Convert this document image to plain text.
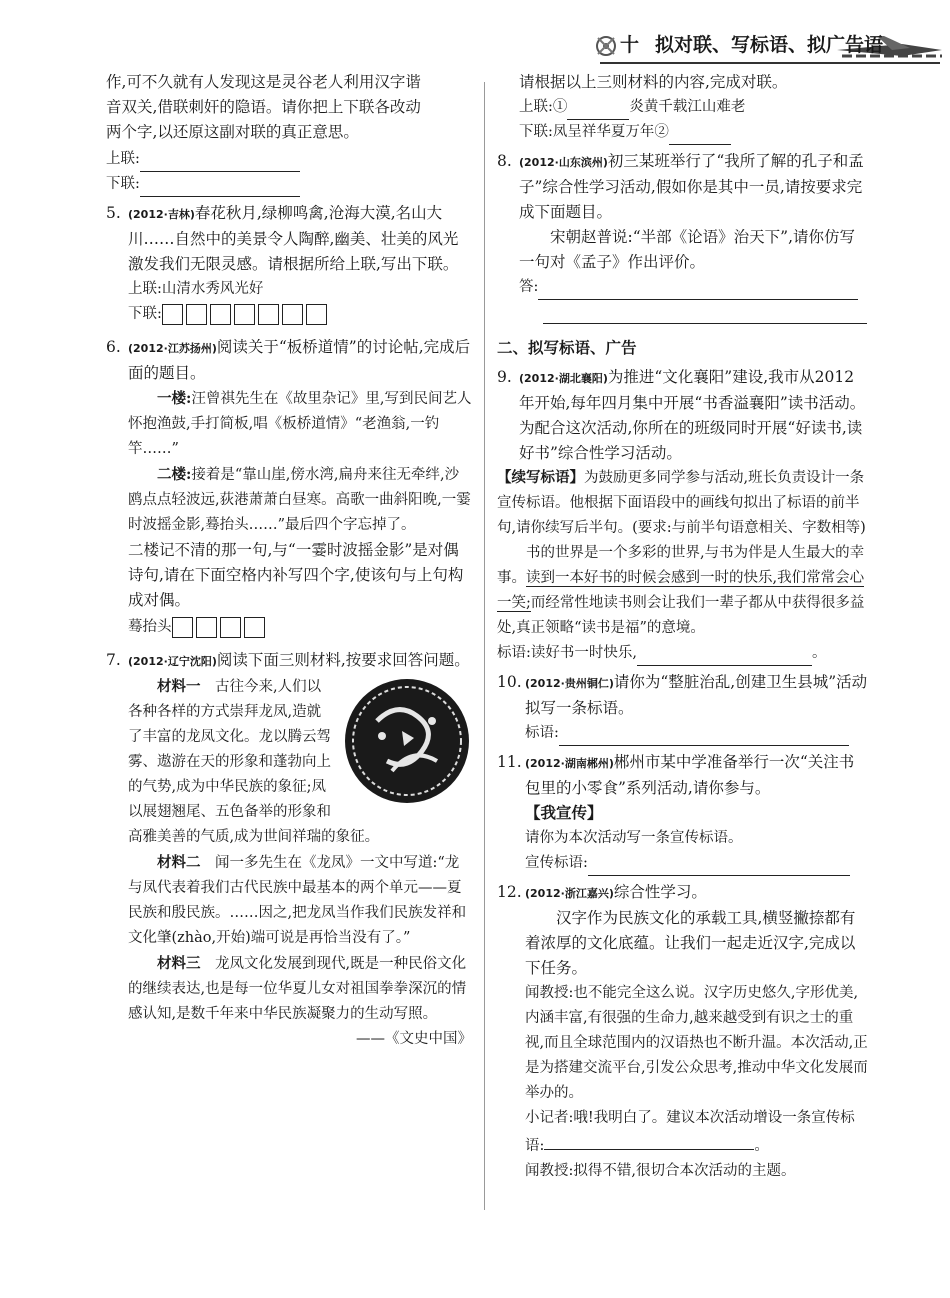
十 拟对联、写标语、拟广告语

作,可不久就有人发现这是灵谷老人利用汉字谐

音双关,借联刺奸的隐语。请你把上下联各改动

两个字,以还原这副对联的真正意思。

上联:
下联:
5. (2012·吉林)春花秋月,绿柳鸣禽,沧海大漠,名山大川……自然中的美景令人陶醉,幽美、壮美的风光激发我们无限灵感。请根据所给上联,写出下联。

上联:山清水秀风光好

下联:
6. (2012·江苏扬州)阅读关于“板桥道情”的讨论帖,完成后面的题目。

一楼:汪曾祺先生在《故里杂记》里,写到民间艺人怀抱渔鼓,手打简板,唱《板桥道情》“老渔翁,一钓竿……”

二楼:接着是“靠山崖,傍水湾,扁舟来往无牵绊,沙鸥点点轻波远,荻港萧萧白昼寒。高歌一曲斜阳晚,一霎时波摇金影,蓦抬头……”最后四个字忘掉了。

二楼记不清的那一句,与“一霎时波摇金影”是对偶诗句,请在下面空格内补写四个字,使该句与上句构成对偶。

蓦抬头
7. (2012·辽宁沈阳)阅读下面三则材料,按要求回答问题。

材料一　 古往今来,人们以各种各样的方式崇拜龙凤,造就了丰富的龙凤文化。龙以腾云驾雾、遨游在天的形象和蓬勃向上的气势,成为中华民族的象征;凤以展翅翘尾、五色备举的形象和高雅美善的气质,成为世间祥瑞的象征。

材料二　 闻一多先生在《龙凤》一文中写道:“龙与凤代表着我们古代民族中最基本的两个单元——夏民族和殷民族。……因之,把龙凤当作我们民族发祥和文化肇(zhào,开始)端可说是再恰当没有了。”

材料三　 龙凤文化发展到现代,既是一种民俗文化的继续表达,也是每一位华夏儿女对祖国拳拳深沉的情感认知,是数千年来中华民族凝聚力的生动写照。

——《文史中国》

请根据以上三则材料的内容,完成对联。

上联:①	炎黄千载江山难老
下联:凤呈祥华夏万年②
8. (2012·山东滨州)初三某班举行了“我所了解的孔子和孟子”综合性学习活动,假如你是其中一员,请按要求完成下面题目。

宋朝赵普说:“半部《论语》治天下”,请你仿写一句对《孟子》作出评价。

答:

二、拟写标语、广告

9. (2012·湖北襄阳)为推进“文化襄阳”建设,我市从2012年开始,每年四月集中开展“书香溢襄阳”读书活动。为配合这次活动,你所在的班级同时开展“好读书,读好书”综合性学习活动。

【续写标语】为鼓励更多同学参与活动,班长负责设计一条宣传标语。他根据下面语段中的画线句拟出了标语的前半句,请你续写后半句。(要求:与前半句语意相关、字数相等)

书的世界是一个多彩的世界,与书为伴是人生最大的幸事。读到一本好书的时候会感到一时的快乐,我们常常会心一笑;而经常性地读书则会让我们一辈子都从中获得很多益处,真正领略“读书是福”的意境。

标语:读好书一时快乐,	。
10. (2012·贵州铜仁)请你为“整脏治乱,创建卫生县城”活动拟写一条标语。

标语:
11. (2012·湖南郴州)郴州市某中学准备举行一次“关注书包里的小零食”系列活动,请你参与。

【我宣传】

请你为本次活动写一条宣传标语。

宣传标语:
12. (2012·浙江嘉兴)综合性学习。

汉字作为民族文化的承载工具,横竖撇捺都有着浓厚的文化底蕴。让我们一起走近汉字,完成以下任务。

闻教授:也不能完全这么说。汉字历史悠久,字形优美,内涵丰富,有很强的生命力,越来越受到有识之士的重视,而且全球范围内的汉语热也不断升温。本次活动,正是为搭建交流平台,引发公众思考,推动中华文化发展而举办的。

小记者:哦!我明白了。建议本次活动增设一条宣传标语:	。

闻教授:拟得不错,很切合本次活动的主题。
